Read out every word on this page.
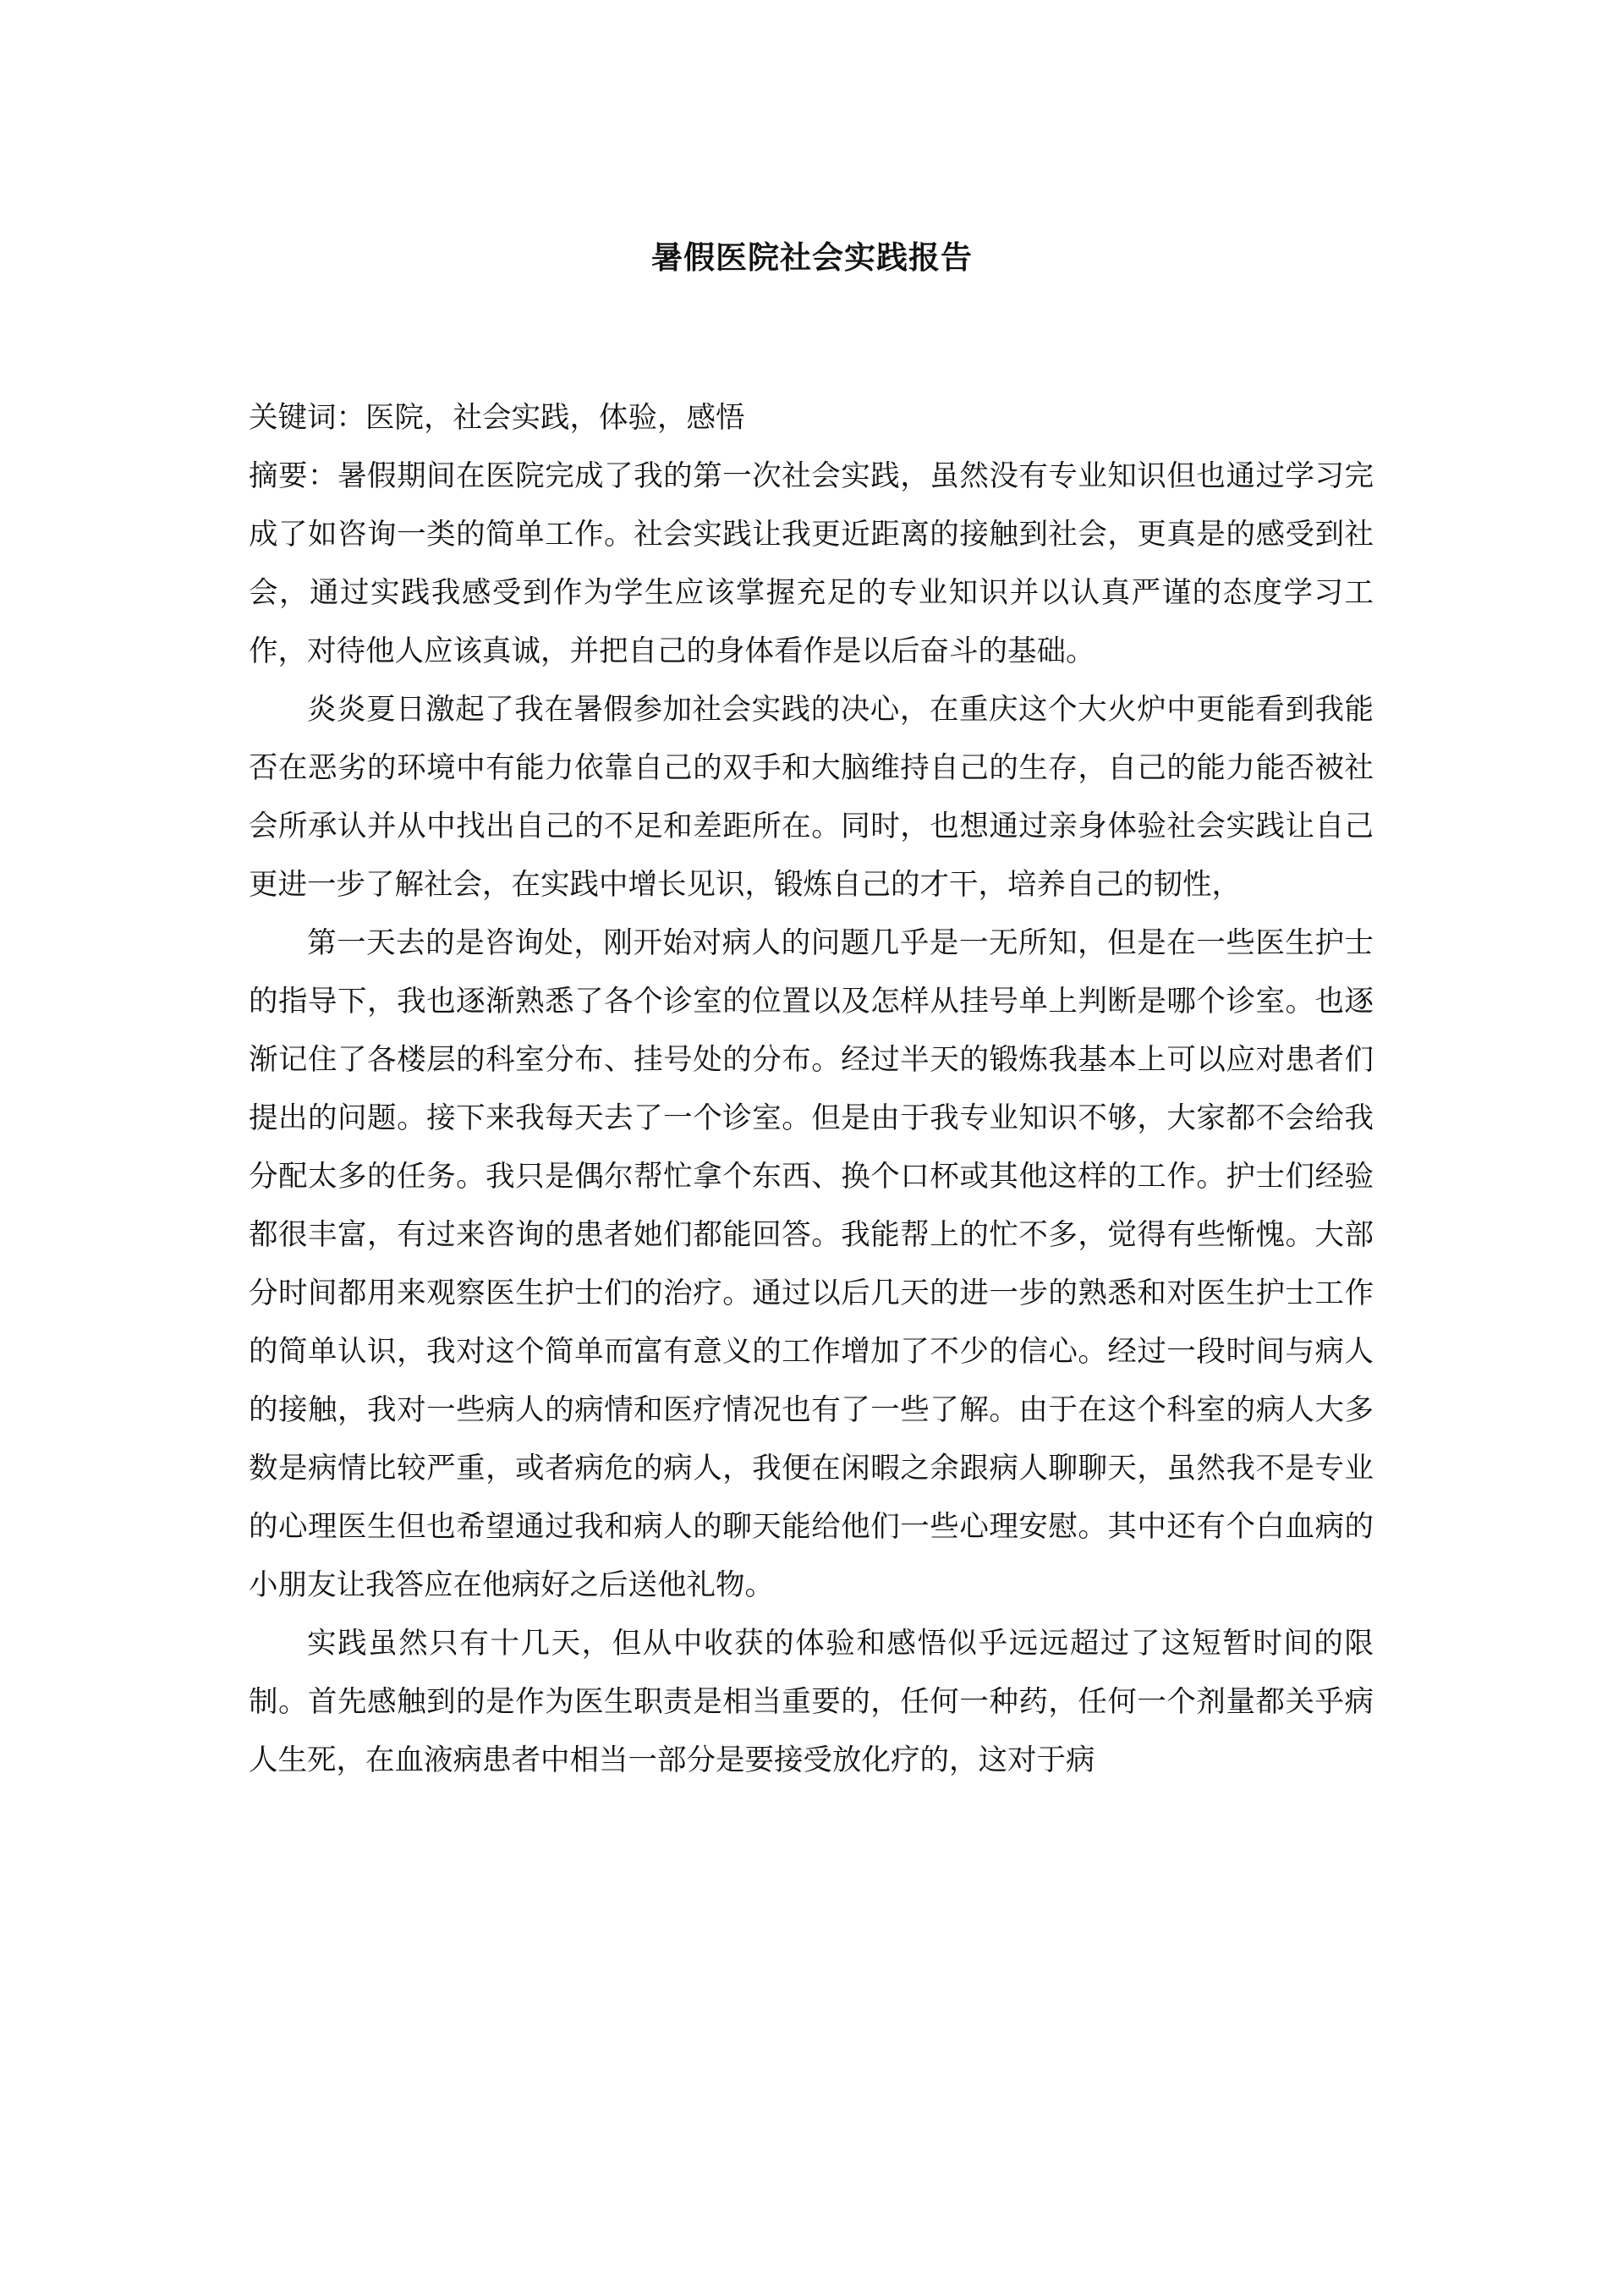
暑假医院社会实践报告

关键词：医院，社会实践，体验，感悟

摘要：暑假期间在医院完成了我的第一次社会实践，虽然没有专业知识但也通过学习完成了如咨询一类的简单工作。社会实践让我更近距离的接触到社会，更真是的感受到社会，通过实践我感受到作为学生应该掌握充足的专业知识并以认真严谨的态度学习工作，对待他人应该真诚，并把自己的身体看作是以后奋斗的基础。

炎炎夏日激起了我在暑假参加社会实践的决心，在重庆这个大火炉中更能看到我能否在恶劣的环境中有能力依靠自己的双手和大脑维持自己的生存，自己的能力能否被社会所承认并从中找出自己的不足和差距所在。同时，也想通过亲身体验社会实践让自己更进一步了解社会，在实践中增长见识，锻炼自己的才干，培养自己的韧性，

第一天去的是咨询处，刚开始对病人的问题几乎是一无所知，但是在一些医生护士的指导下，我也逐渐熟悉了各个诊室的位置以及怎样从挂号单上判断是哪个诊室。也逐渐记住了各楼层的科室分布、挂号处的分布。经过半天的锻炼我基本上可以应对患者们提出的问题。接下来我每天去了一个诊室。但是由于我专业知识不够，大家都不会给我分配太多的任务。我只是偶尔帮忙拿个东西、换个口杯或其他这样的工作。护士们经验都很丰富，有过来咨询的患者她们都能回答。我能帮上的忙不多，觉得有些惭愧。大部分时间都用来观察医生护士们的治疗。通过以后几天的进一步的熟悉和对医生护士工作的简单认识，我对这个简单而富有意义的工作增加了不少的信心。经过一段时间与病人的接触，我对一些病人的病情和医疗情况也有了一些了解。由于在这个科室的病人大多数是病情比较严重，或者病危的病人，我便在闲暇之余跟病人聊聊天，虽然我不是专业的心理医生但也希望通过我和病人的聊天能给他们一些心理安慰。其中还有个白血病的小朋友让我答应在他病好之后送他礼物。

实践虽然只有十几天，但从中收获的体验和感悟似乎远远超过了这短暂时间的限制。首先感触到的是作为医生职责是相当重要的，任何一种药，任何一个剂量都关乎病人生死，在血液病患者中相当一部分是要接受放化疗的，这对于病
